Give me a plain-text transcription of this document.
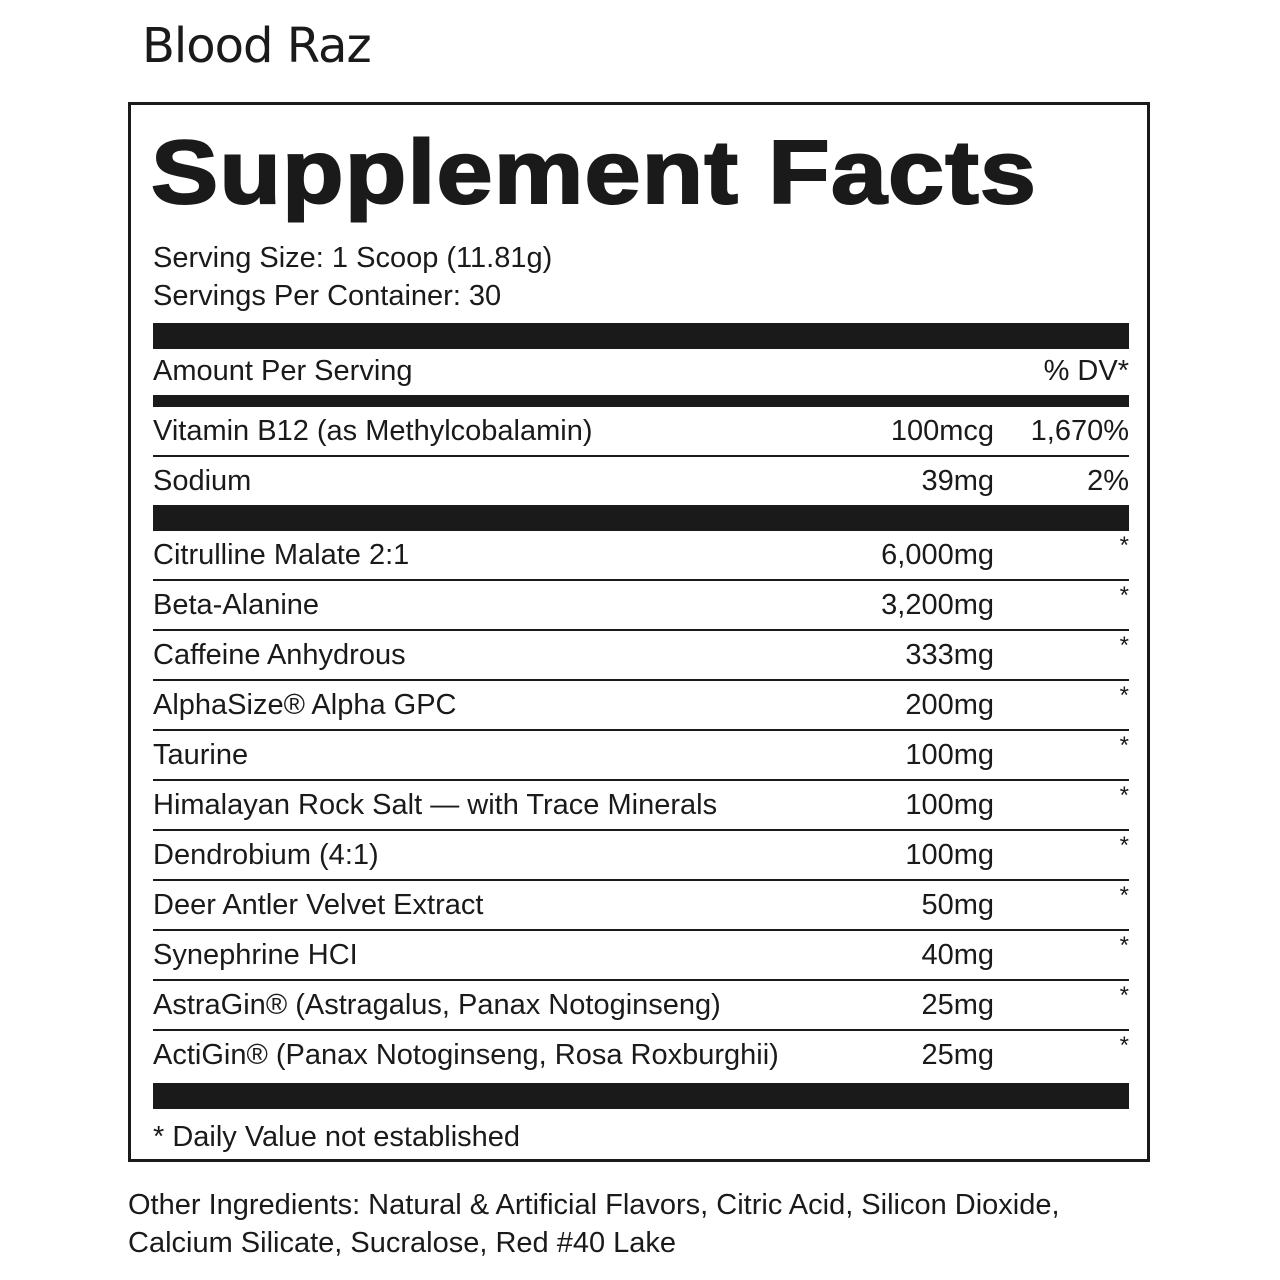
Blood Raz
Supplement Facts
Serving Size: 1 Scoop (11.81g)
Servings Per Container: 30
Amount Per Serving	% DV*
Vitamin B12 (as Methylcobalamin)	100mcg 1,670%
Sodium	39mg	2%
Citrulline Malate 2:1	6,000mg	*
Beta-Alanine	3,200mg	*
Caffeine Anhydrous	333mg	*
AlphaSize® Alpha GPC	200mg	*
Taurine	100mg	*
Himalayan Rock Salt — with Trace Minerals	100mg	*
Dendrobium (4:1)	100mg	*
Deer Antler Velvet Extract	50mg	*
Synephrine HCI	40mg	*
AstraGin® (Astragalus, Panax Notoginseng)	25mg	*
ActiGin® (Panax Notoginseng, Rosa Roxburghii)	25mg	*
* Daily Value not established
Other Ingredients: Natural & Artificial Flavors, Citric Acid, Silicon Dioxide, Calcium Silicate, Sucralose, Red #40 Lake
